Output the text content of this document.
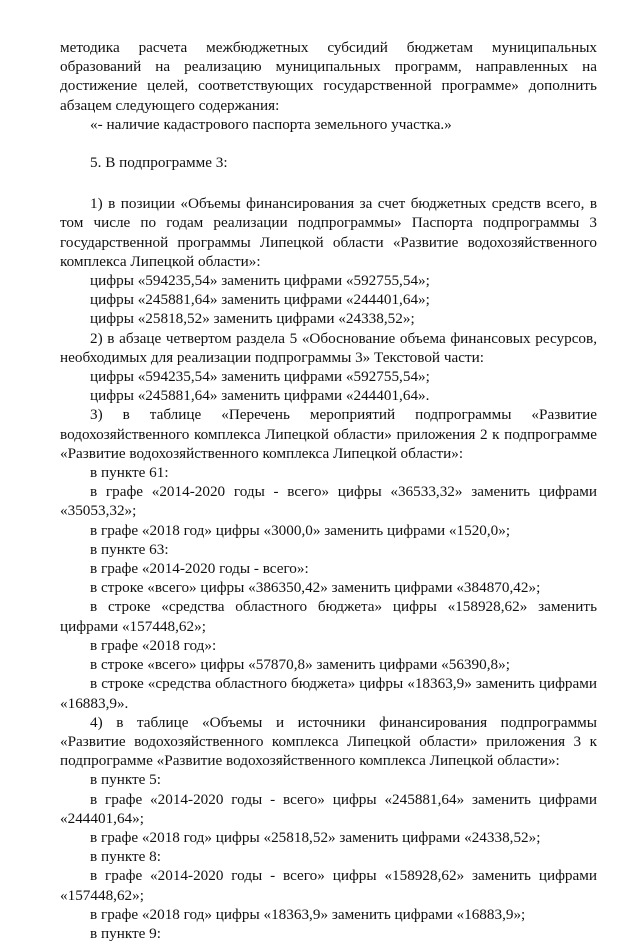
методика расчета межбюджетных субсидий бюджетам муниципальных образований на реализацию муниципальных программ, направленных на достижение целей, соответствующих государственной программе» дополнить абзацем следующего содержания:

«- наличие кадастрового паспорта земельного участка.»

5. В подпрограмме 3:

1) в позиции «Объемы финансирования за счет бюджетных средств всего, в том числе по годам реализации подпрограммы» Паспорта подпрограммы 3 государственной программы Липецкой области «Развитие водохозяйственного комплекса Липецкой области»:

цифры «594235,54» заменить цифрами «592755,54»;

цифры «245881,64» заменить цифрами «244401,64»;

цифры «25818,52» заменить цифрами «24338,52»;

2) в абзаце четвертом раздела 5 «Обоснование объема финансовых ресурсов, необходимых для реализации подпрограммы 3» Текстовой части:

цифры «594235,54» заменить цифрами «592755,54»;

цифры «245881,64» заменить цифрами «244401,64».

3) в таблице «Перечень мероприятий подпрограммы «Развитие водохозяйственного комплекса Липецкой области» приложения 2 к подпрограмме «Развитие водохозяйственного комплекса Липецкой области»:

в пункте 61:

в графе «2014-2020 годы - всего» цифры «36533,32» заменить цифрами «35053,32»;

в графе «2018 год» цифры «3000,0» заменить цифрами «1520,0»;

в пункте 63:

в графе «2014-2020 годы - всего»:

в строке «всего» цифры «386350,42» заменить цифрами «384870,42»;

в строке «средства областного бюджета» цифры «158928,62» заменить цифрами «157448,62»;

в графе «2018 год»:

в строке «всего» цифры «57870,8» заменить цифрами «56390,8»;

в строке «средства областного бюджета» цифры «18363,9» заменить цифрами «16883,9».

4) в таблице «Объемы и источники финансирования подпрограммы «Развитие водохозяйственного комплекса Липецкой области» приложения 3 к подпрограмме «Развитие водохозяйственного комплекса Липецкой области»:

в пункте 5:

в графе «2014-2020 годы - всего» цифры «245881,64» заменить цифрами «244401,64»;

в графе «2018 год» цифры «25818,52» заменить цифрами «24338,52»;

в пункте 8:

в графе «2014-2020 годы - всего» цифры «158928,62» заменить цифрами «157448,62»;

в графе «2018 год» цифры «18363,9» заменить цифрами «16883,9»;

в пункте 9:
